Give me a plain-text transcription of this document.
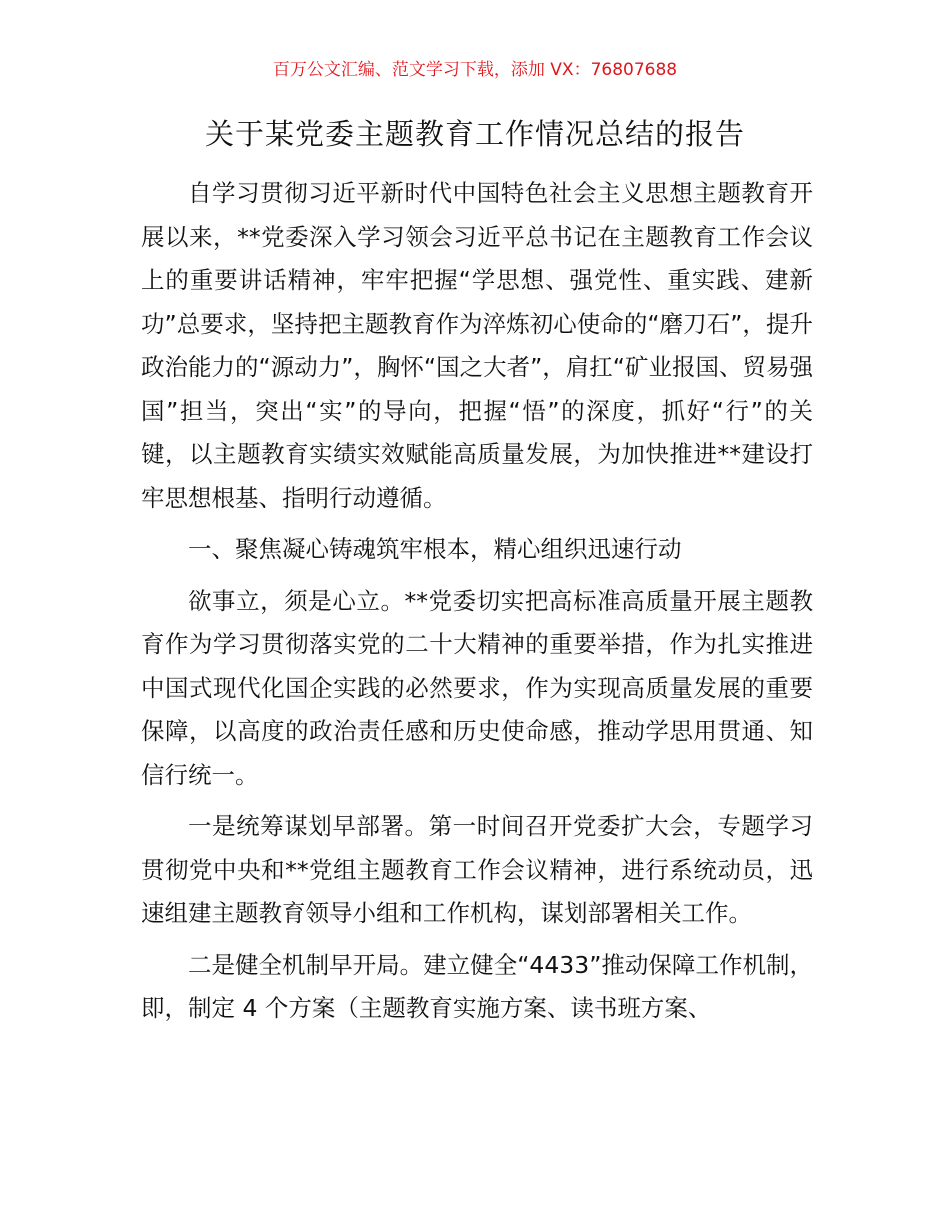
百万公文汇编、范文学习下载，添加 VX：76807688
关于某党委主题教育工作情况总结的报告

自学习贯彻习近平新时代中国特色社会主义思想主题教育开展以来，**党委深入学习领会习近平总书记在主题教育工作会议上的重要讲话精神，牢牢把握“学思想、强党性、重实践、建新功”总要求，坚持把主题教育作为淬炼初心使命的“磨刀石”，提升政治能力的“源动力”，胸怀“国之大者”，肩扛“矿业报国、贸易强国”担当，突出“实”的导向，把握“悟”的深度，抓好“行”的关键，以主题教育实绩实效赋能高质量发展，为加快推进**建设打牢思想根基、指明行动遵循。

一、聚焦凝心铸魂筑牢根本，精心组织迅速行动

欲事立，须是心立。**党委切实把高标准高质量开展主题教育作为学习贯彻落实党的二十大精神的重要举措，作为扎实推进中国式现代化国企实践的必然要求，作为实现高质量发展的重要保障，以高度的政治责任感和历史使命感，推动学思用贯通、知信行统一。

一是统筹谋划早部署。第一时间召开党委扩大会，专题学习贯彻党中央和**党组主题教育工作会议精神，进行系统动员，迅速组建主题教育领导小组和工作机构，谋划部署相关工作。

二是健全机制早开局。建立健全“4433”推动保障工作机制，即，制定 4 个方案（主题教育实施方案、读书班方案、
